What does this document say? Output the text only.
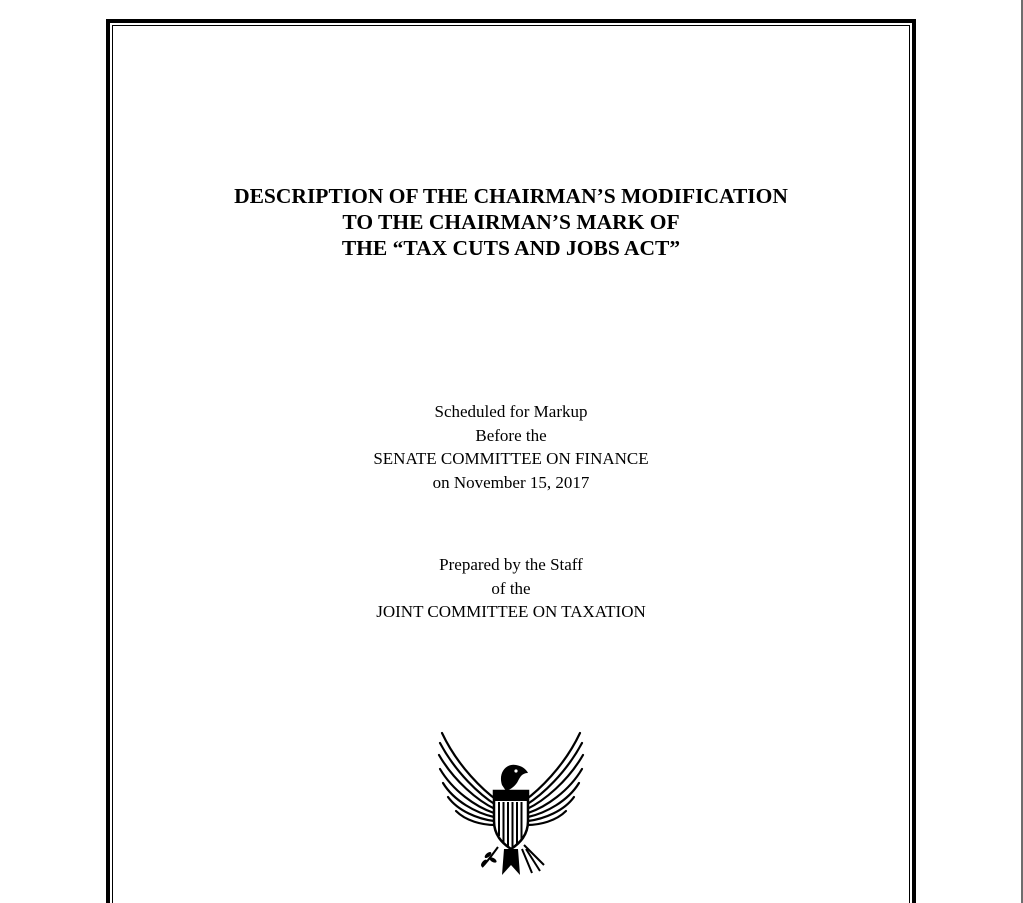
DESCRIPTION OF THE CHAIRMAN’S MODIFICATION
TO THE CHAIRMAN’S MARK OF
THE “TAX CUTS AND JOBS ACT”
Scheduled for Markup
Before the
SENATE COMMITTEE ON FINANCE
on November 15, 2017
Prepared by the Staff
of the
JOINT COMMITTEE ON TAXATION
